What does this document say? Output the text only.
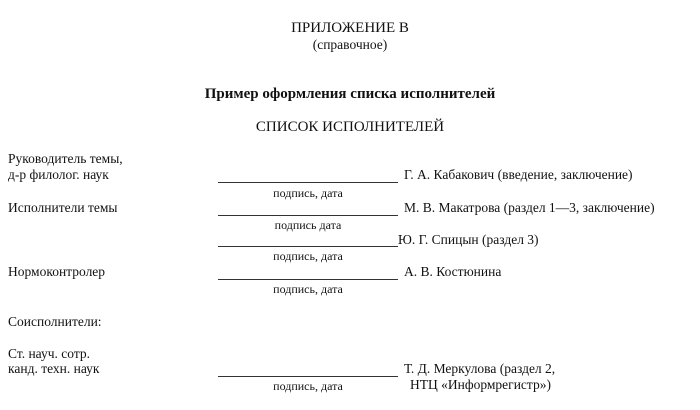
ПРИЛОЖЕНИЕ В
(справочное)
Пример оформления списка исполнителей
СПИСОК ИСПОЛНИТЕЛЕЙ
Руководитель темы,
д-р филолог. наук	Г. А. Кабакович (введение, заключение)
подпись, дата
Исполнители темы	М. В. Макатрова (раздел 1—3, заключение)
подпись дата
Ю. Г. Спицын (раздел 3)
подпись, дата
Нормоконтролер	А. В. Костюнина
подпись, дата
Соисполнители:
Ст. науч. сотр.
канд. техн. наук	Т. Д. Меркулова (раздел 2,
НТЦ «Информрегистр»)
подпись, дата
